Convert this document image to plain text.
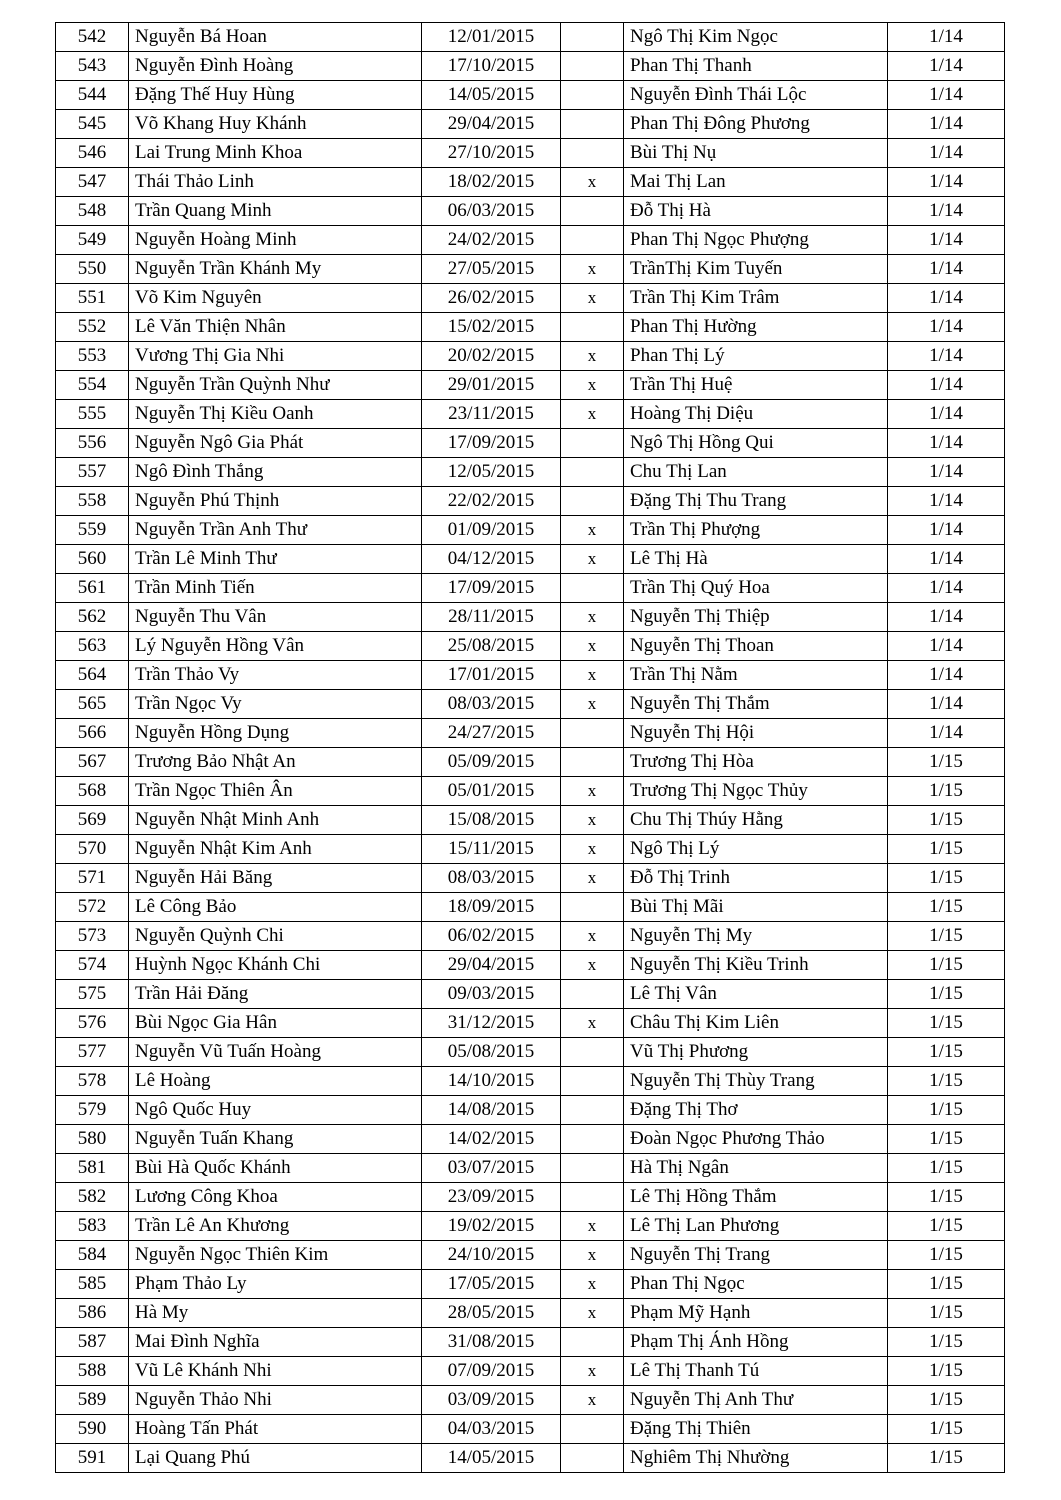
542	Nguyễn Bá Hoan	12/01/2015		Ngô Thị Kim Ngọc	1/14
543	Nguyễn Đình Hoàng	17/10/2015		Phan Thị Thanh	1/14
544	Đặng Thế Huy Hùng	14/05/2015		Nguyễn Đình Thái Lộc	1/14
545	Võ Khang Huy Khánh	29/04/2015		Phan Thị Đông Phương	1/14
546	Lai Trung Minh Khoa	27/10/2015		Bùi Thị Nụ	1/14
547	Thái Thảo Linh	18/02/2015	x	Mai Thị Lan	1/14
548	Trần Quang Minh	06/03/2015		Đỗ Thị Hà	1/14
549	Nguyễn Hoàng Minh	24/02/2015		Phan Thị Ngọc Phượng	1/14
550	Nguyễn Trần Khánh My	27/05/2015	x	TrầnThị Kim Tuyến	1/14
551	Võ Kim Nguyên	26/02/2015	x	Trần Thị Kim Trâm	1/14
552	Lê Văn Thiện Nhân	15/02/2015		Phan Thị Hường	1/14
553	Vương Thị Gia Nhi	20/02/2015	x	Phan Thị Lý	1/14
554	Nguyễn Trần Quỳnh Như	29/01/2015	x	Trần Thị Huệ	1/14
555	Nguyễn Thị Kiều Oanh	23/11/2015	x	Hoàng Thị Diệu	1/14
556	Nguyễn Ngô Gia Phát	17/09/2015		Ngô Thị Hồng Qui	1/14
557	Ngô Đình Thắng	12/05/2015		Chu Thị Lan	1/14
558	Nguyễn Phú Thịnh	22/02/2015		Đặng Thị Thu Trang	1/14
559	Nguyễn Trần Anh Thư	01/09/2015	x	Trần Thị Phượng	1/14
560	Trần Lê Minh Thư	04/12/2015	x	Lê Thị Hà	1/14
561	Trần Minh Tiến	17/09/2015		Trần Thị Quý Hoa	1/14
562	Nguyễn Thu Vân	28/11/2015	x	Nguyễn Thị Thiệp	1/14
563	Lý Nguyễn Hồng Vân	25/08/2015	x	Nguyễn Thị Thoan	1/14
564	Trần Thảo Vy	17/01/2015	x	Trần Thị Nằm	1/14
565	Trần Ngọc Vy	08/03/2015	x	Nguyễn Thị Thắm	1/14
566	Nguyễn Hồng Dụng	24/27/2015		Nguyễn Thị Hội	1/14
567	Trương Bảo Nhật An	05/09/2015		Trương Thị Hòa	1/15
568	Trần Ngọc Thiên Ân	05/01/2015	x	Trương Thị Ngọc Thủy	1/15
569	Nguyễn Nhật Minh Anh	15/08/2015	x	Chu Thị Thúy Hằng	1/15
570	Nguyễn Nhật Kim Anh	15/11/2015	x	Ngô Thị Lý	1/15
571	Nguyễn Hải Băng	08/03/2015	x	Đỗ Thị Trinh	1/15
572	Lê Công Bảo	18/09/2015		Bùi Thị Mãi	1/15
573	Nguyễn Quỳnh Chi	06/02/2015	x	Nguyễn Thị My	1/15
574	Huỳnh Ngọc Khánh Chi	29/04/2015	x	Nguyễn Thị Kiều Trinh	1/15
575	Trần Hải Đăng	09/03/2015		Lê Thị Vân	1/15
576	Bùi Ngọc Gia Hân	31/12/2015	x	Châu Thị Kim Liên	1/15
577	Nguyễn Vũ Tuấn Hoàng	05/08/2015		Vũ Thị Phương	1/15
578	Lê Hoàng	14/10/2015		Nguyễn Thị Thùy Trang	1/15
579	Ngô Quốc Huy	14/08/2015		Đặng Thị Thơ	1/15
580	Nguyễn Tuấn Khang	14/02/2015		Đoàn Ngọc Phương Thảo	1/15
581	Bùi Hà Quốc Khánh	03/07/2015		Hà Thị Ngân	1/15
582	Lương Công Khoa	23/09/2015		Lê Thị Hồng Thắm	1/15
583	Trần Lê An Khương	19/02/2015	x	Lê Thị Lan Phương	1/15
584	Nguyễn Ngọc Thiên Kim	24/10/2015	x	Nguyễn Thị Trang	1/15
585	Phạm Thảo Ly	17/05/2015	x	Phan Thị Ngọc	1/15
586	Hà My	28/05/2015	x	Phạm Mỹ Hạnh	1/15
587	Mai Đình Nghĩa	31/08/2015		Phạm Thị Ánh Hồng	1/15
588	Vũ Lê Khánh Nhi	07/09/2015	x	Lê Thị Thanh Tú	1/15
589	Nguyễn Thảo Nhi	03/09/2015	x	Nguyễn Thị Anh Thư	1/15
590	Hoàng Tấn Phát	04/03/2015		Đặng Thị Thiên	1/15
591	Lại Quang Phú	14/05/2015		Nghiêm Thị Nhường	1/15
